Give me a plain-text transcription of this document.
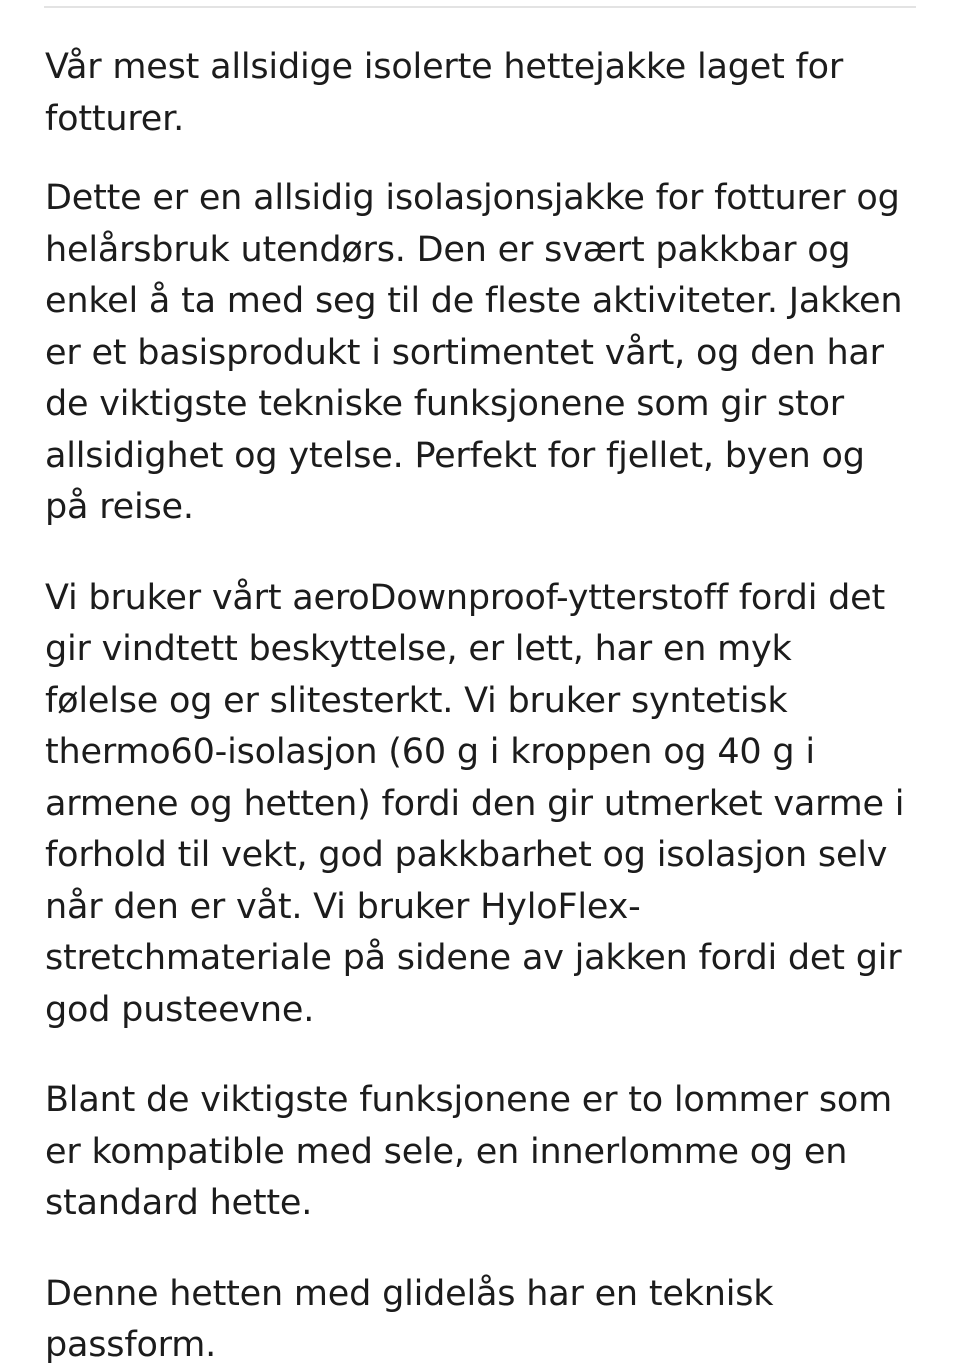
Vår mest allsidige isolerte hettejakke laget for fotturer.

Dette er en allsidig isolasjonsjakke for fotturer og helårsbruk utendørs. Den er svært pakkbar og enkel å ta med seg til de fleste aktiviteter. Jakken er et basisprodukt i sortimentet vårt, og den har de viktigste tekniske funksjonene som gir stor allsidighet og ytelse. Perfekt for fjellet, byen og på reise.

Vi bruker vårt aeroDownproof-ytterstoff fordi det gir vindtett beskyttelse, er lett, har en myk følelse og er slitesterkt. Vi bruker syntetisk thermo60-isolasjon (60 g i kroppen og 40 g i armene og hetten) fordi den gir utmerket varme i forhold til vekt, god pakkbarhet og isolasjon selv når den er våt. Vi bruker HyloFlex-stretchmateriale på sidene av jakken fordi det gir god pusteevne.

Blant de viktigste funksjonene er to lommer som er kompatible med sele, en innerlomme og en standard hette.

Denne hetten med glidelås har en teknisk passform.
